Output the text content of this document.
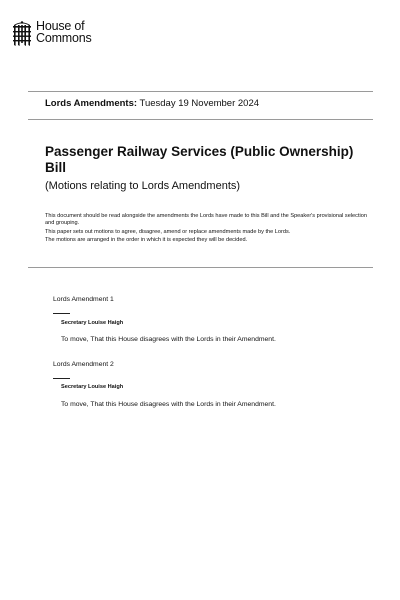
House of
Commons
Lords Amendments: Tuesday 19 November 2024
Passenger Railway Services (Public Ownership) Bill
(Motions relating to Lords Amendments)

This document should be read alongside the amendments the Lords have made to this Bill and the Speaker's provisional selection and grouping.

This paper sets out motions to agree, disagree, amend or replace amendments made by the Lords.

The motions are arranged in the order in which it is expected they will be decided.

Lords Amendment 1
Secretary Louise Haigh
To move, That this House disagrees with the Lords in their Amendment.
Lords Amendment 2
Secretary Louise Haigh
To move, That this House disagrees with the Lords in their Amendment.
